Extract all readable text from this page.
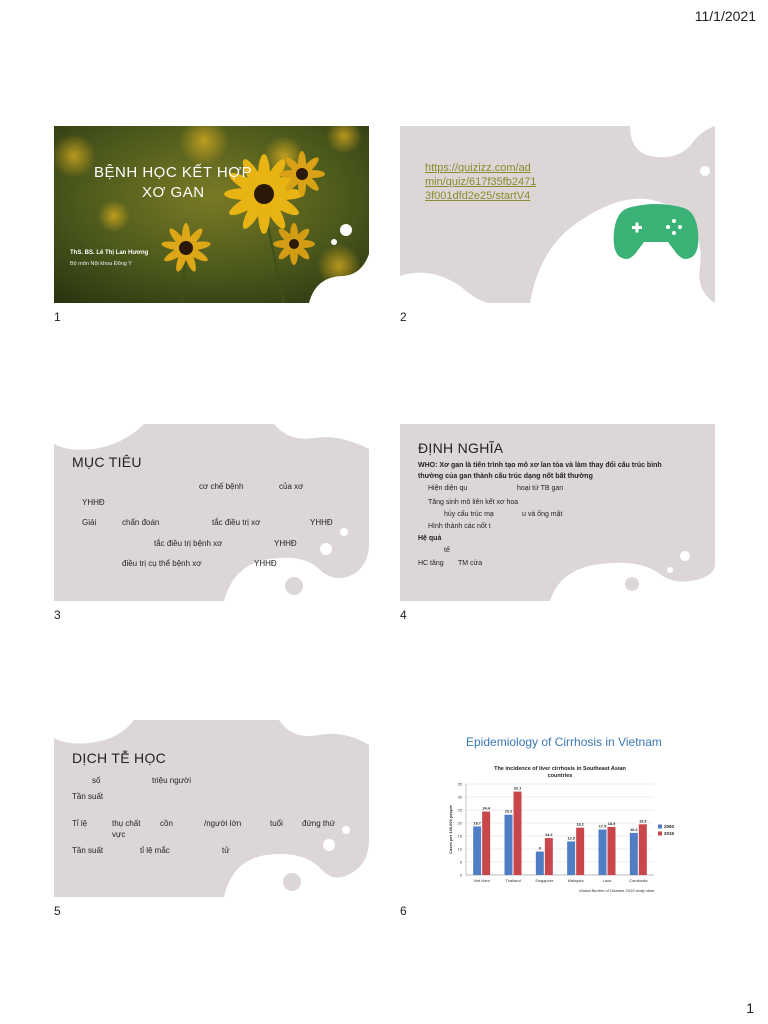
11/1/2021
BỆNH HỌC KẾT HỢP
XƠ GAN
ThS. BS. Lê Thị Lan Hương
Bộ môn Nội khoa Đông Y
1
https://quizizz.com/ad
min/quiz/617f35fb2471
3f001dfd2e25/startV4
2
MỤC TIÊU
cơ chế bệnh	của xơ
YHHĐ
Giải	chẩn đoán	tắc điều trị xơ	YHHĐ
tắc điều trị bệnh xơ	YHHĐ
điều trị cụ thể bệnh xơ	YHHĐ
3
ĐỊNH NGHĨA
WHO: Xơ gan là tiến trình tạo mô xơ lan tỏa và làm thay đổi cấu trúc bình
thường của gan thành cấu trúc dạng nốt bất thường
Hiện diện qu	hoại tử TB gan
Tăng sinh mô liên kết xơ hoa
hủy cấu trúc mạ	u và ống mật
Hình thành các nốt t
Hệ quả
tế
HC tăng TM cửa
4
DỊCH TỄ HỌC
số	triệu người
Tần suất
Tỉ lệ	thụ chất cồn	/người lớn	tuổi đứng thứ
vực
Tần suất	tỉ lệ mắc	tử
5
Epidemiology of Cirrhosis in Vietnam
The incidence of liver cirrhosis in Southeast Asian
countries
0
5
10
15
20
25
30
35
Cases per 100,000 people	18.7
24.4
Viet Nam
23.2
32.1
Thailand
9
14.2
Singapore
12.9
18.2
Malaysia
17.5
18.5
Laos
16.2
19.5
Cambodia
2000
2015
Global Burden of Disease 2015 study data
6
1
